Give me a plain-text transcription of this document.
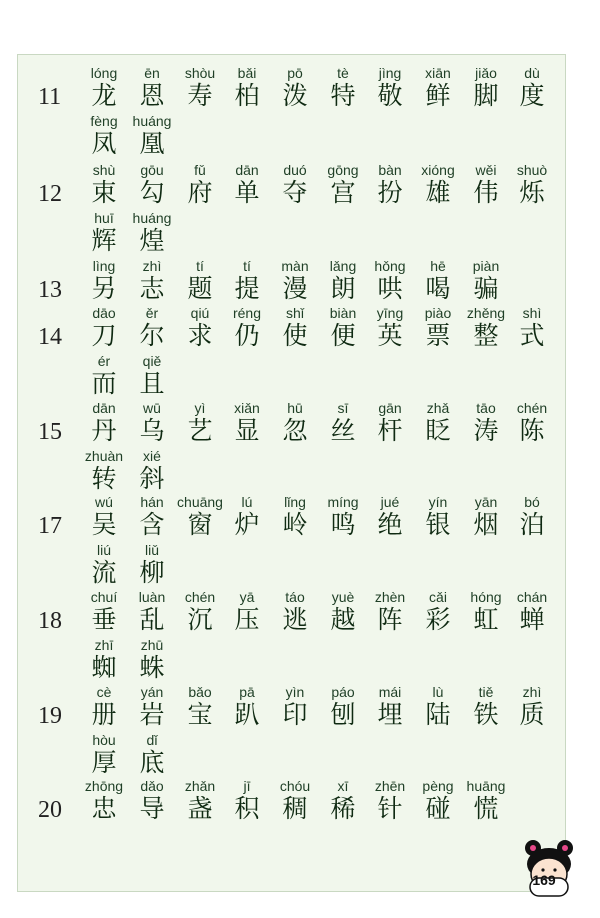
11
lóng
龙
ēn
恩
shòu
寿
bǎi
柏
pō
泼
tè
特
jìng
敬
xiān
鲜
jiǎo
脚
dù
度
fèng
凤
huáng
凰
12
shù
束
gōu
勾
fǔ
府
dān
单
duó
夺
gōng
宫
bàn
扮
xióng
雄
wěi
伟
shuò
烁
huī
辉
huáng
煌
13
lìng
另
zhì
志
tí
题
tí
提
màn
漫
lǎng
朗
hǒng
哄
hē
喝
piàn
骗
14
dāo
刀
ěr
尔
qiú
求
réng
仍
shǐ
使
biàn
便
yīng
英
piào
票
zhěng
整
shì
式
ér
而
qiě
且
15
dān
丹
wū
乌
yì
艺
xiǎn
显
hū
忽
sī
丝
gān
杆
zhǎ
眨
tāo
涛
chén
陈
zhuàn
转
xié
斜
17
wú
吴
hán
含
chuāng
窗
lú
炉
lǐng
岭
míng
鸣
jué
绝
yín
银
yān
烟
bó
泊
liú
流
liǔ
柳
18
chuí
垂
luàn
乱
chén
沉
yā
压
táo
逃
yuè
越
zhèn
阵
cǎi
彩
hóng
虹
chán
蝉
zhī
蜘
zhū
蛛
19
cè
册
yán
岩
bǎo
宝
pā
趴
yìn
印
páo
刨
mái
埋
lù
陆
tiě
铁
zhì
质
hòu
厚
dǐ
底
20
zhōng
忠
dǎo
导
zhǎn
盏
jī
积
chóu
稠
xī
稀
zhēn
针
pèng
碰
huāng
慌
169
